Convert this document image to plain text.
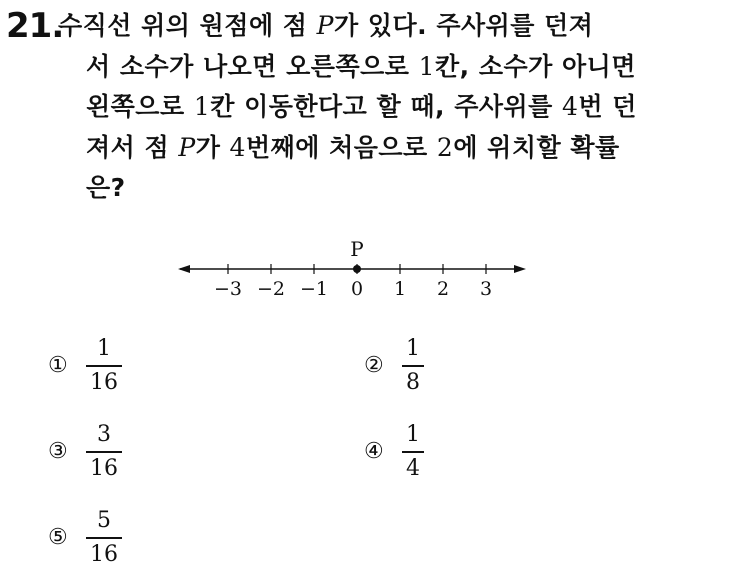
21.
수직선 위의 원점에 점 P가 있다. 주사위를 던져
서 소수가 나오면 오른쪽으로 1칸, 소수가 아니면
왼쪽으로 1칸 이동한다고 할 때, 주사위를 4번 던
져서 점 P가 4번째에 처음으로 2에 위치할 확률
은?
−3 −2 −1 0 1 2 3
P
① $\frac{1}{16}$	② $\frac{1}{8}$
③ $\frac{3}{16}$	④ $\frac{1}{4}$
⑤ $\frac{5}{16}$
